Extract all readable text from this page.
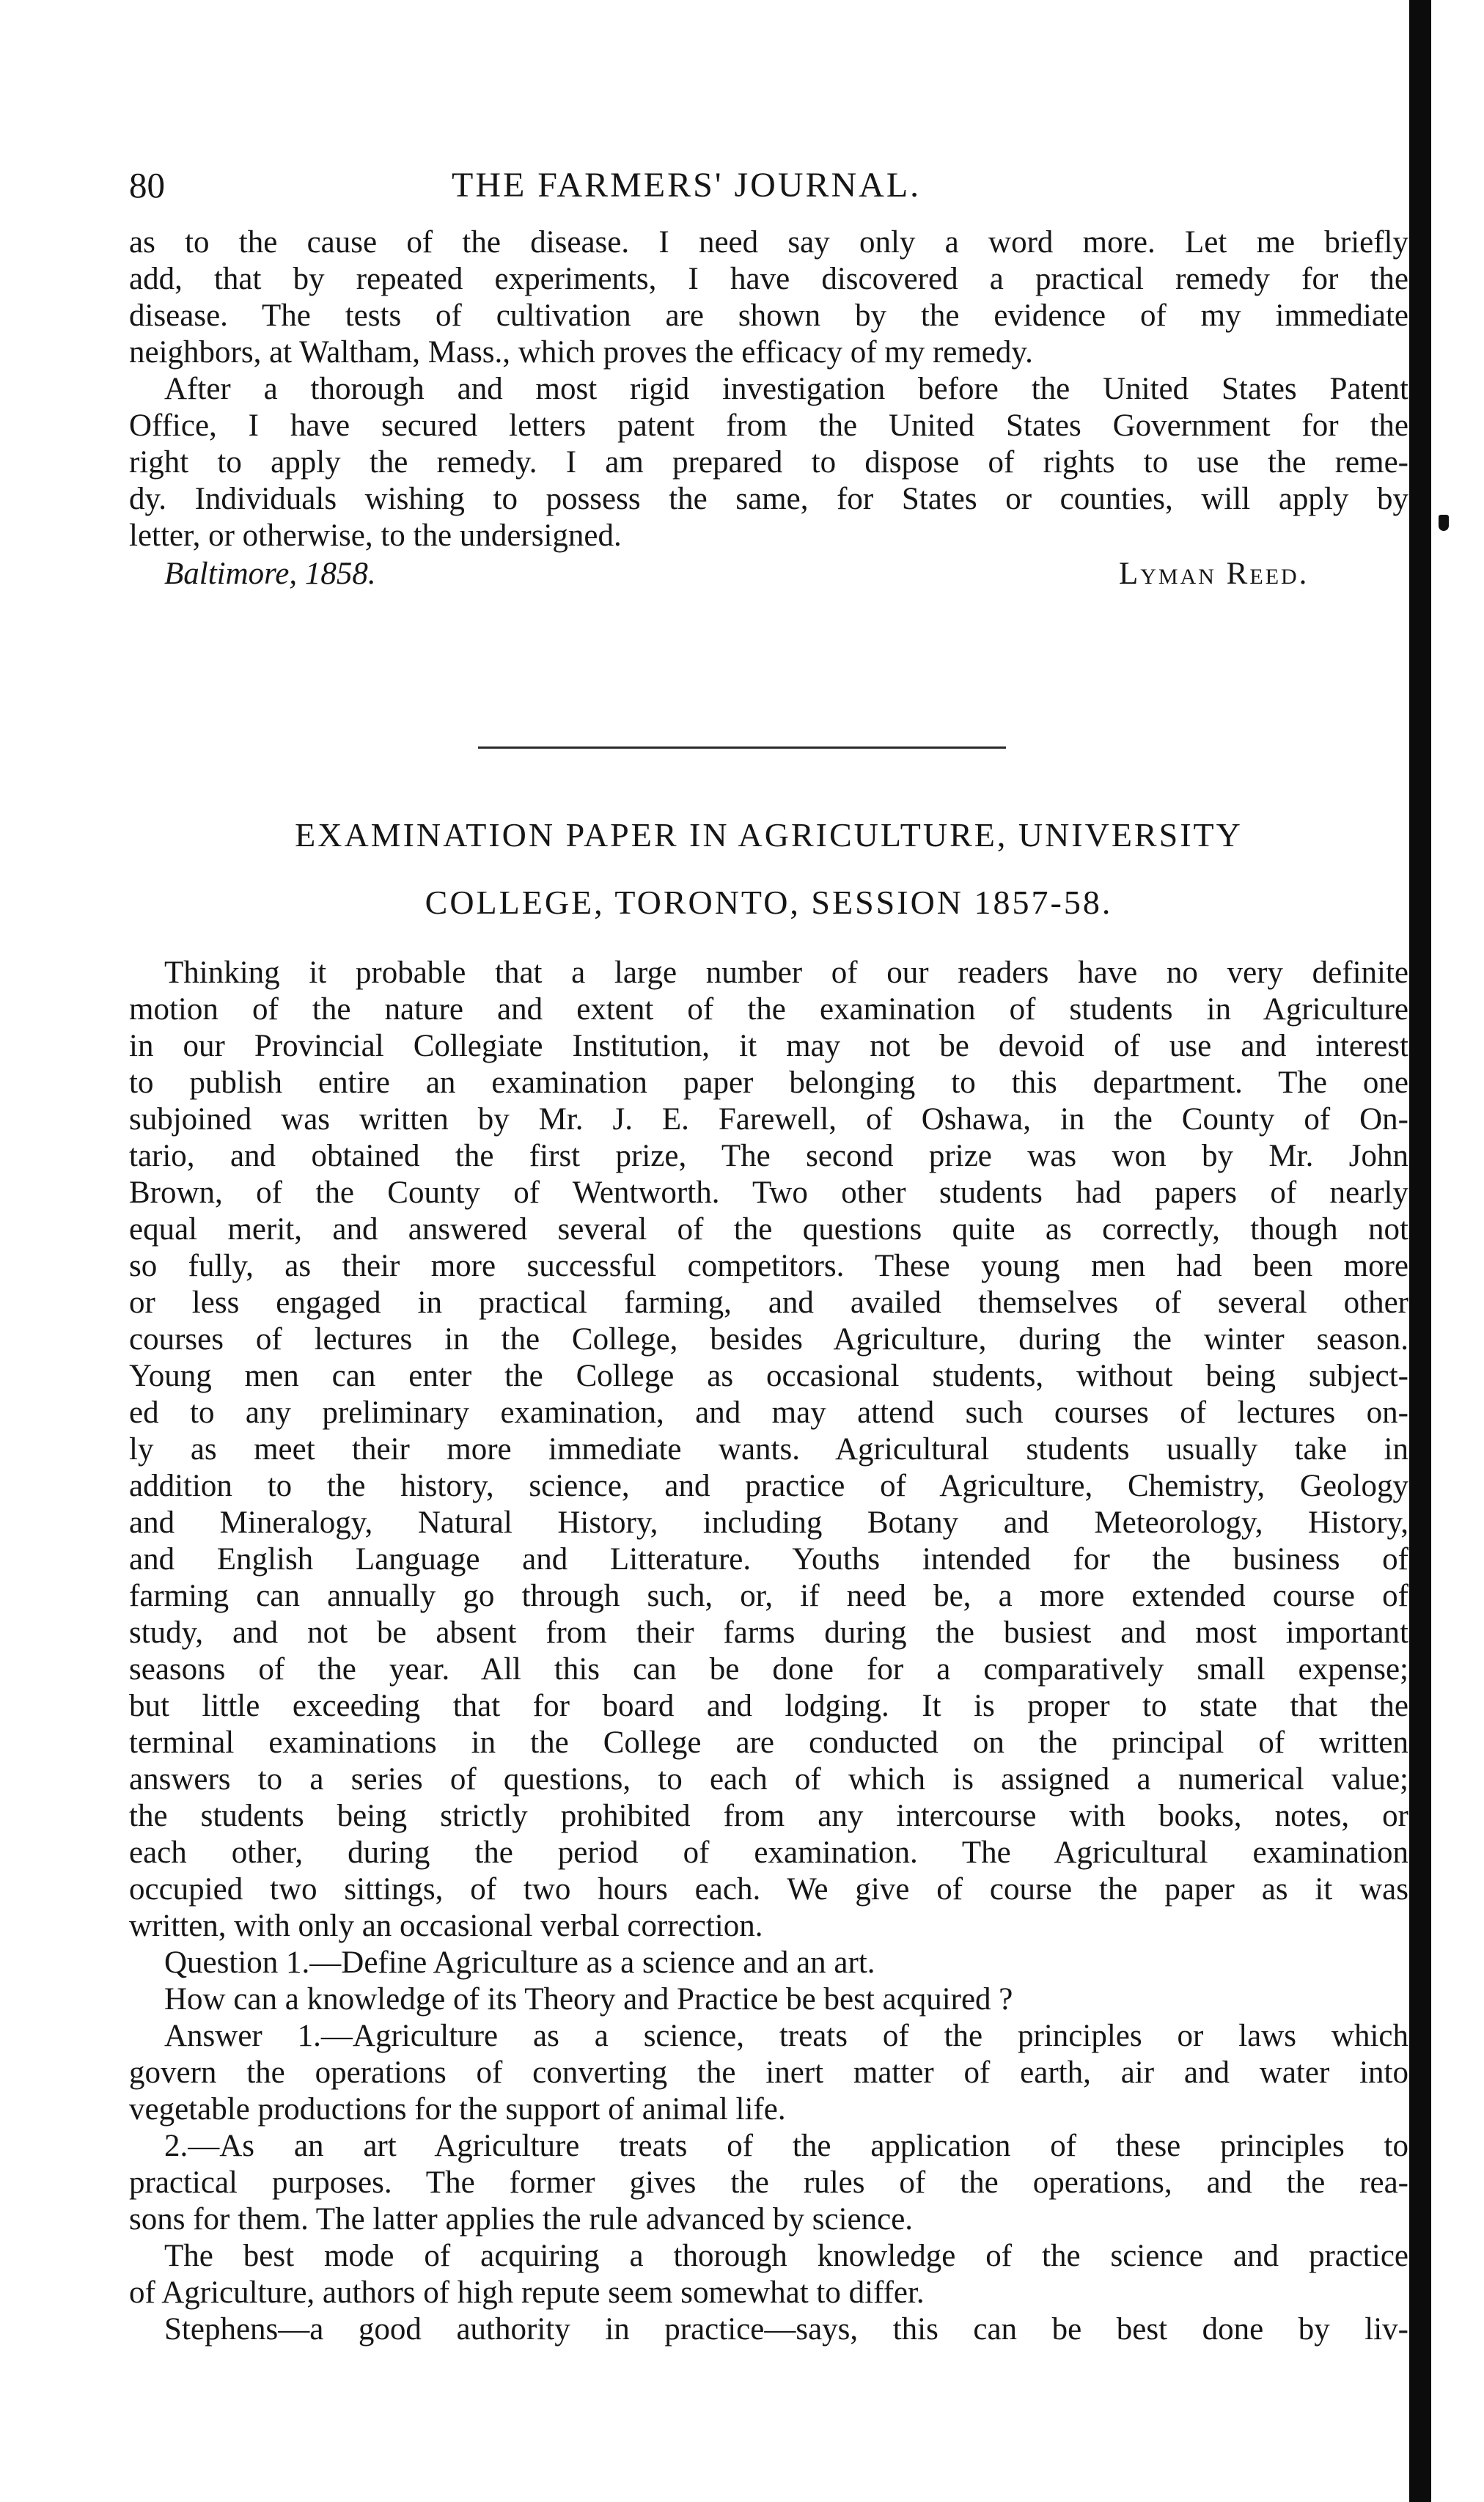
80	THE FARMERS' JOURNAL.
as to the cause of the disease. I need say only a word more. Let me briefly
add, that by repeated experiments, I have discovered a practical remedy for the
disease. The tests of cultivation are shown by the evidence of my immediate
neighbors, at Waltham, Mass., which proves the efficacy of my remedy.
After a thorough and most rigid investigation before the United States Patent
Office, I have secured letters patent from the United States Government for the
right to apply the remedy. I am prepared to dispose of rights to use the reme-
dy. Individuals wishing to possess the same, for States or counties, will apply by
letter, or otherwise, to the undersigned.
Baltimore, 1858.	Lyman Reed.
EXAMINATION PAPER IN AGRICULTURE, UNIVERSITY
COLLEGE, TORONTO, SESSION 1857-58.
Thinking it probable that a large number of our readers have no very definite
motion of the nature and extent of the examination of students in Agriculture
in our Provincial Collegiate Institution, it may not be devoid of use and interest
to publish entire an examination paper belonging to this department. The one
subjoined was written by Mr. J. E. Farewell, of Oshawa, in the County of On-
tario, and obtained the first prize, The second prize was won by Mr. John
Brown, of the County of Wentworth. Two other students had papers of nearly
equal merit, and answered several of the questions quite as correctly, though not
so fully, as their more successful competitors. These young men had been more
or less engaged in practical farming, and availed themselves of several other
courses of lectures in the College, besides Agriculture, during the winter season.
Young men can enter the College as occasional students, without being subject-
ed to any preliminary examination, and may attend such courses of lectures on-
ly as meet their more immediate wants. Agricultural students usually take in
addition to the history, science, and practice of Agriculture, Chemistry, Geology
and Mineralogy, Natural History, including Botany and Meteorology, History,
and English Language and Litterature. Youths intended for the business of
farming can annually go through such, or, if need be, a more extended course of
study, and not be absent from their farms during the busiest and most important
seasons of the year. All this can be done for a comparatively small expense;
but little exceeding that for board and lodging. It is proper to state that the
terminal examinations in the College are conducted on the principal of written
answers to a series of questions, to each of which is assigned a numerical value;
the students being strictly prohibited from any intercourse with books, notes, or
each other, during the period of examination. The Agricultural examination
occupied two sittings, of two hours each. We give of course the paper as it was
written, with only an occasional verbal correction.
Question 1.—Define Agriculture as a science and an art.
How can a knowledge of its Theory and Practice be best acquired ?
Answer 1.—Agriculture as a science, treats of the principles or laws which
govern the operations of converting the inert matter of earth, air and water into
vegetable productions for the support of animal life.
2.—As an art Agriculture treats of the application of these principles to
practical purposes. The former gives the rules of the operations, and the rea-
sons for them. The latter applies the rule advanced by science.
The best mode of acquiring a thorough knowledge of the science and practice
of Agriculture, authors of high repute seem somewhat to differ.
Stephens—a good authority in practice—says, this can be best done by liv-
